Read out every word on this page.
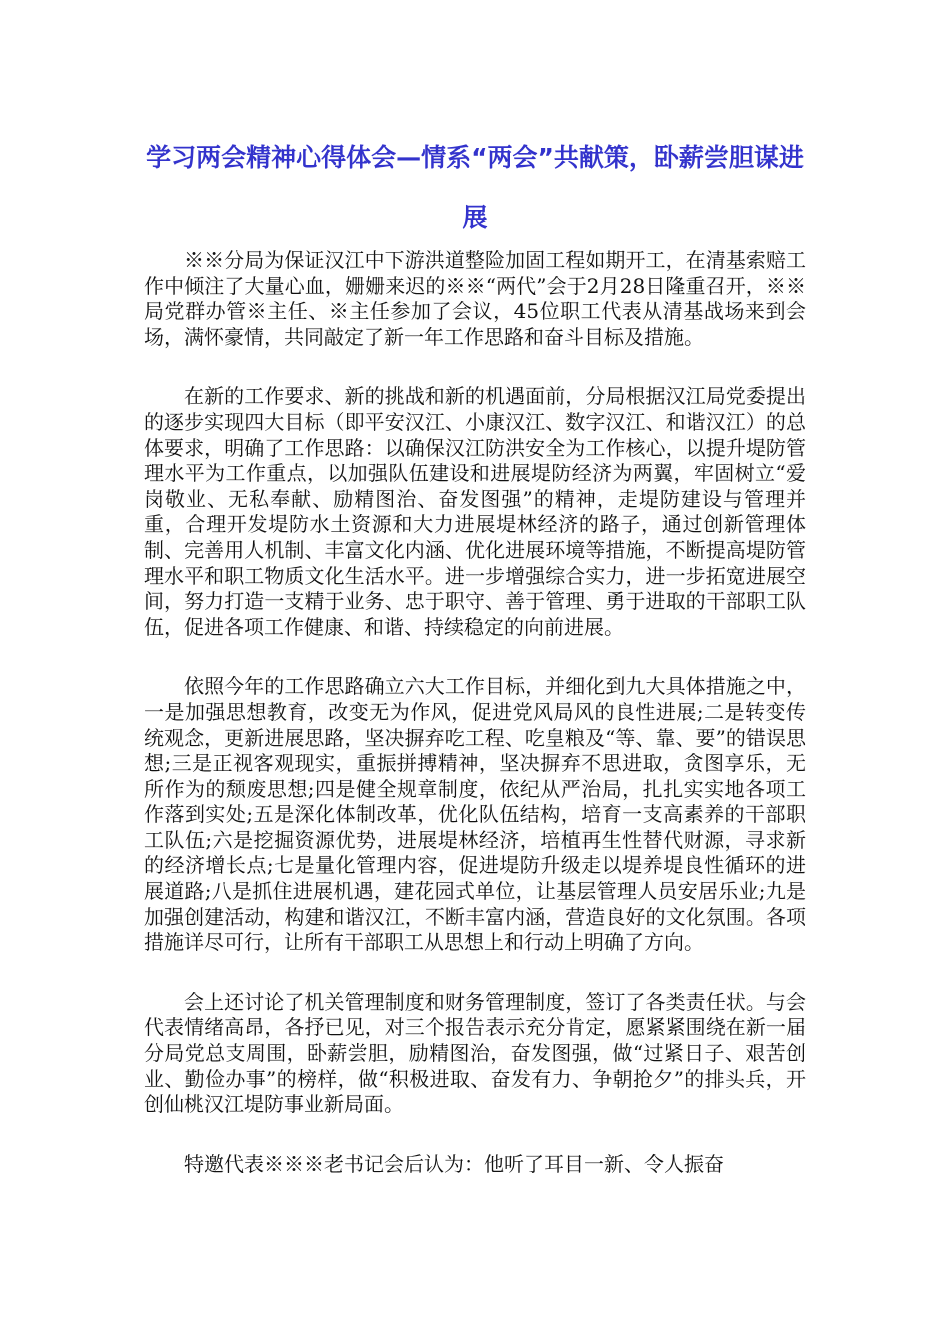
学习两会精神心得体会—情系“两会”共献策，卧薪尝胆谋进展

※※分局为保证汉江中下游洪道整险加固工程如期开工，在清基索赔工作中倾注了大量心血，姗姗来迟的※※“两代”会于2月28日隆重召开，※※局党群办管※主任、※主任参加了会议，45位职工代表从清基战场来到会场，满怀豪情，共同敲定了新一年工作思路和奋斗目标及措施。

在新的工作要求、新的挑战和新的机遇面前，分局根据汉江局党委提出的逐步实现四大目标（即平安汉江、小康汉江、数字汉江、和谐汉江）的总体要求，明确了工作思路：以确保汉江防洪安全为工作核心，以提升堤防管理水平为工作重点，以加强队伍建设和进展堤防经济为两翼，牢固树立“爱岗敬业、无私奉献、励精图治、奋发图强”的精神，走堤防建设与管理并重，合理开发堤防水土资源和大力进展堤林经济的路子，通过创新管理体制、完善用人机制、丰富文化内涵、优化进展环境等措施，不断提高堤防管理水平和职工物质文化生活水平。进一步增强综合实力，进一步拓宽进展空间，努力打造一支精于业务、忠于职守、善于管理、勇于进取的干部职工队伍，促进各项工作健康、和谐、持续稳定的向前进展。

依照今年的工作思路确立六大工作目标，并细化到九大具体措施之中，一是加强思想教育，改变无为作风，促进党风局风的良性进展;二是转变传统观念，更新进展思路，坚决摒弃吃工程、吃皇粮及“等、靠、要”的错误思想;三是正视客观现实，重振拼搏精神，坚决摒弃不思进取，贪图享乐，无所作为的颓废思想;四是健全规章制度，依纪从严治局，扎扎实实地各项工作落到实处;五是深化体制改革，优化队伍结构，培育一支高素养的干部职工队伍;六是挖掘资源优势，进展堤林经济，培植再生性替代财源，寻求新的经济增长点;七是量化管理内容，促进堤防升级走以堤养堤良性循环的进展道路;八是抓住进展机遇，建花园式单位，让基层管理人员安居乐业;九是加强创建活动，构建和谐汉江，不断丰富内涵，营造良好的文化氛围。各项措施详尽可行，让所有干部职工从思想上和行动上明确了方向。

会上还讨论了机关管理制度和财务管理制度，签订了各类责任状。与会代表情绪高昂，各抒已见，对三个报告表示充分肯定，愿紧紧围绕在新一届分局党总支周围，卧薪尝胆，励精图治，奋发图强，做“过紧日子、艰苦创业、勤俭办事”的榜样，做“积极进取、奋发有力、争朝抢夕”的排头兵，开创仙桃汉江堤防事业新局面。

特邀代表※※※老书记会后认为：他听了耳目一新、令人振奋
